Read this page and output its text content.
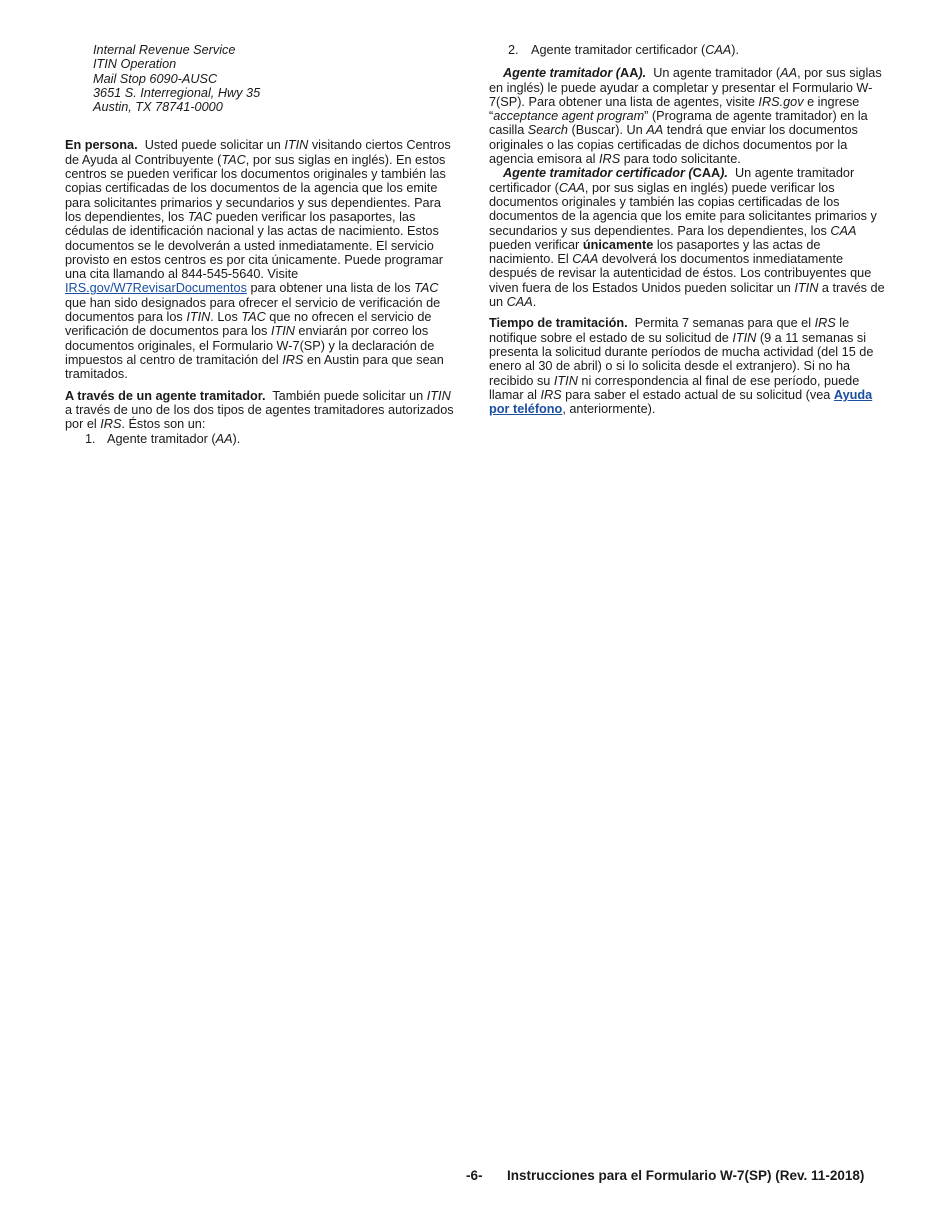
Internal Revenue Service
ITIN Operation
Mail Stop 6090-AUSC
3651 S. Interregional, Hwy 35
Austin, TX 78741-0000

En persona. Usted puede solicitar un ITIN visitando ciertos Centros de Ayuda al Contribuyente (TAC, por sus siglas en inglés). En estos centros se pueden verificar los documentos originales y también las copias certificadas de los documentos de la agencia que los emite para solicitantes primarios y secundarios y sus dependientes. Para los dependientes, los TAC pueden verificar los pasaportes, las cédulas de identificación nacional y las actas de nacimiento. Estos documentos se le devolverán a usted inmediatamente. El servicio provisto en estos centros es por cita únicamente. Puede programar una cita llamando al 844-545-5640. Visite IRS.gov/W7RevisarDocumentos para obtener una lista de los TAC que han sido designados para ofrecer el servicio de verificación de documentos para los ITIN. Los TAC que no ofrecen el servicio de verificación de documentos para los ITIN enviarán por correo los documentos originales, el Formulario W-7(SP) y la declaración de impuestos al centro de tramitación del IRS en Austin para que sean tramitados.

A través de un agente tramitador. También puede solicitar un ITIN a través de uno de los dos tipos de agentes tramitadores autorizados por el IRS. Éstos son un:

1. Agente tramitador (AA).
2. Agente tramitador certificador (CAA).

Agente tramitador (AA). Un agente tramitador (AA, por sus siglas en inglés) le puede ayudar a completar y presentar el Formulario W-7(SP). Para obtener una lista de agentes, visite IRS.gov e ingrese “acceptance agent program” (Programa de agente tramitador) en la casilla Search (Buscar). Un AA tendrá que enviar los documentos originales o las copias certificadas de dichos documentos por la agencia emisora al IRS para todo solicitante.

Agente tramitador certificador (CAA). Un agente tramitador certificador (CAA, por sus siglas en inglés) puede verificar los documentos originales y también las copias certificadas de los documentos de la agencia que los emite para solicitantes primarios y secundarios y sus dependientes. Para los dependientes, los CAA pueden verificar únicamente los pasaportes y las actas de nacimiento. El CAA devolverá los documentos inmediatamente después de revisar la autenticidad de éstos. Los contribuyentes que viven fuera de los Estados Unidos pueden solicitar un ITIN a través de un CAA.

Tiempo de tramitación. Permita 7 semanas para que el IRS le notifique sobre el estado de su solicitud de ITIN (9 a 11 semanas si presenta la solicitud durante períodos de mucha actividad (del 15 de enero al 30 de abril) o si lo solicita desde el extranjero). Si no ha recibido su ITIN ni correspondencia al final de ese período, puede llamar al IRS para saber el estado actual de su solicitud (vea Ayuda por teléfono, anteriormente).

-6- Instrucciones para el Formulario W-7(SP) (Rev. 11-2018)
